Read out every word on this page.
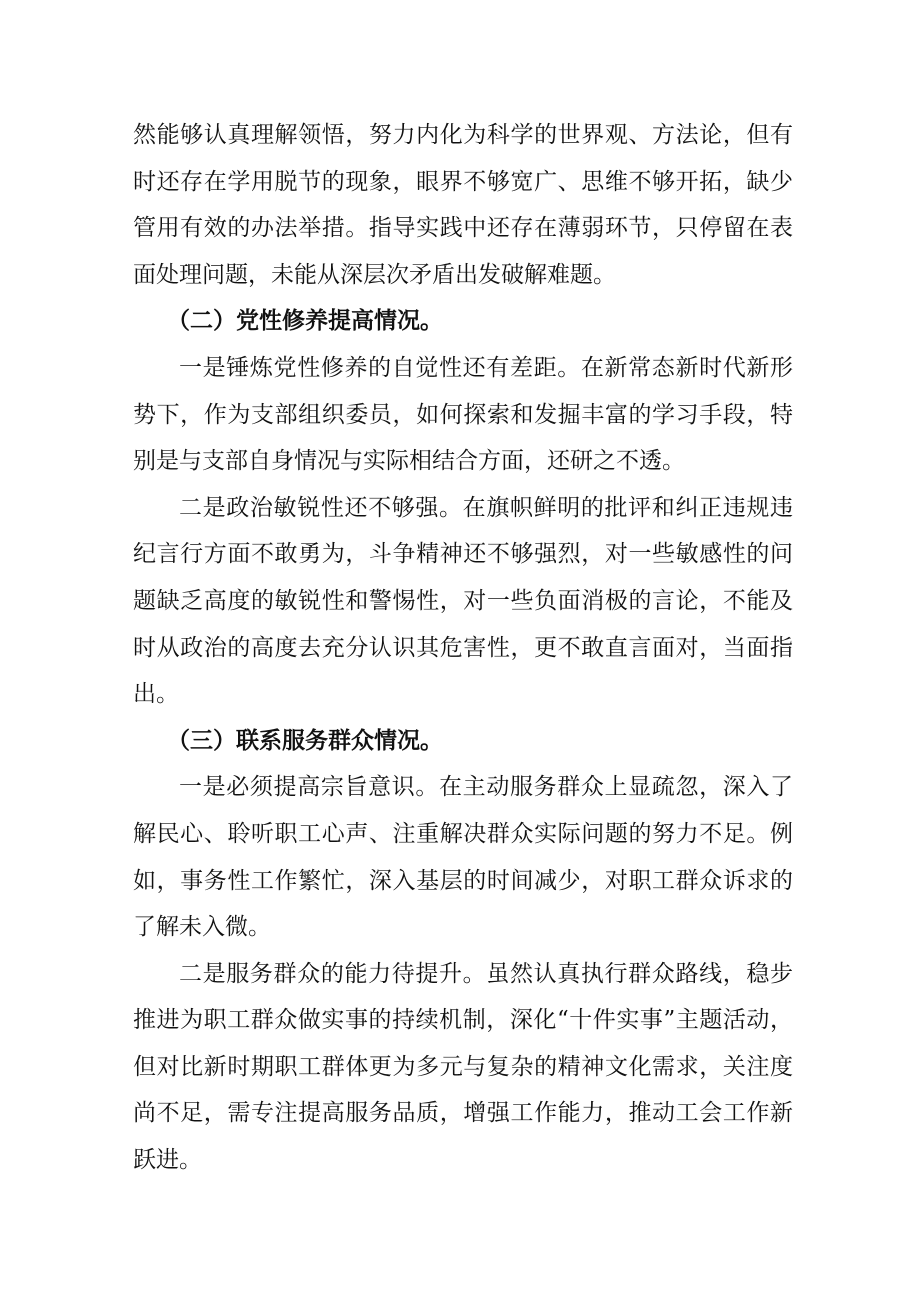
然能够认真理解领悟，努力内化为科学的世界观、方法论，但有时还存在学用脱节的现象，眼界不够宽广、思维不够开拓，缺少管用有效的办法举措。指导实践中还存在薄弱环节，只停留在表面处理问题，未能从深层次矛盾出发破解难题。

（二）党性修养提高情况。

一是锤炼党性修养的自觉性还有差距。在新常态新时代新形势下，作为支部组织委员，如何探索和发掘丰富的学习手段，特别是与支部自身情况与实际相结合方面，还研之不透。

二是政治敏锐性还不够强。在旗帜鲜明的批评和纠正违规违纪言行方面不敢勇为，斗争精神还不够强烈，对一些敏感性的问题缺乏高度的敏锐性和警惕性，对一些负面消极的言论，不能及时从政治的高度去充分认识其危害性，更不敢直言面对，当面指出。

（三）联系服务群众情况。

一是必须提高宗旨意识。在主动服务群众上显疏忽，深入了解民心、聆听职工心声、注重解决群众实际问题的努力不足。例如，事务性工作繁忙，深入基层的时间减少，对职工群众诉求的了解未入微。

二是服务群众的能力待提升。虽然认真执行群众路线，稳步推进为职工群众做实事的持续机制，深化“十件实事”主题活动，但对比新时期职工群体更为多元与复杂的精神文化需求，关注度尚不足，需专注提高服务品质，增强工作能力，推动工会工作新跃进。
